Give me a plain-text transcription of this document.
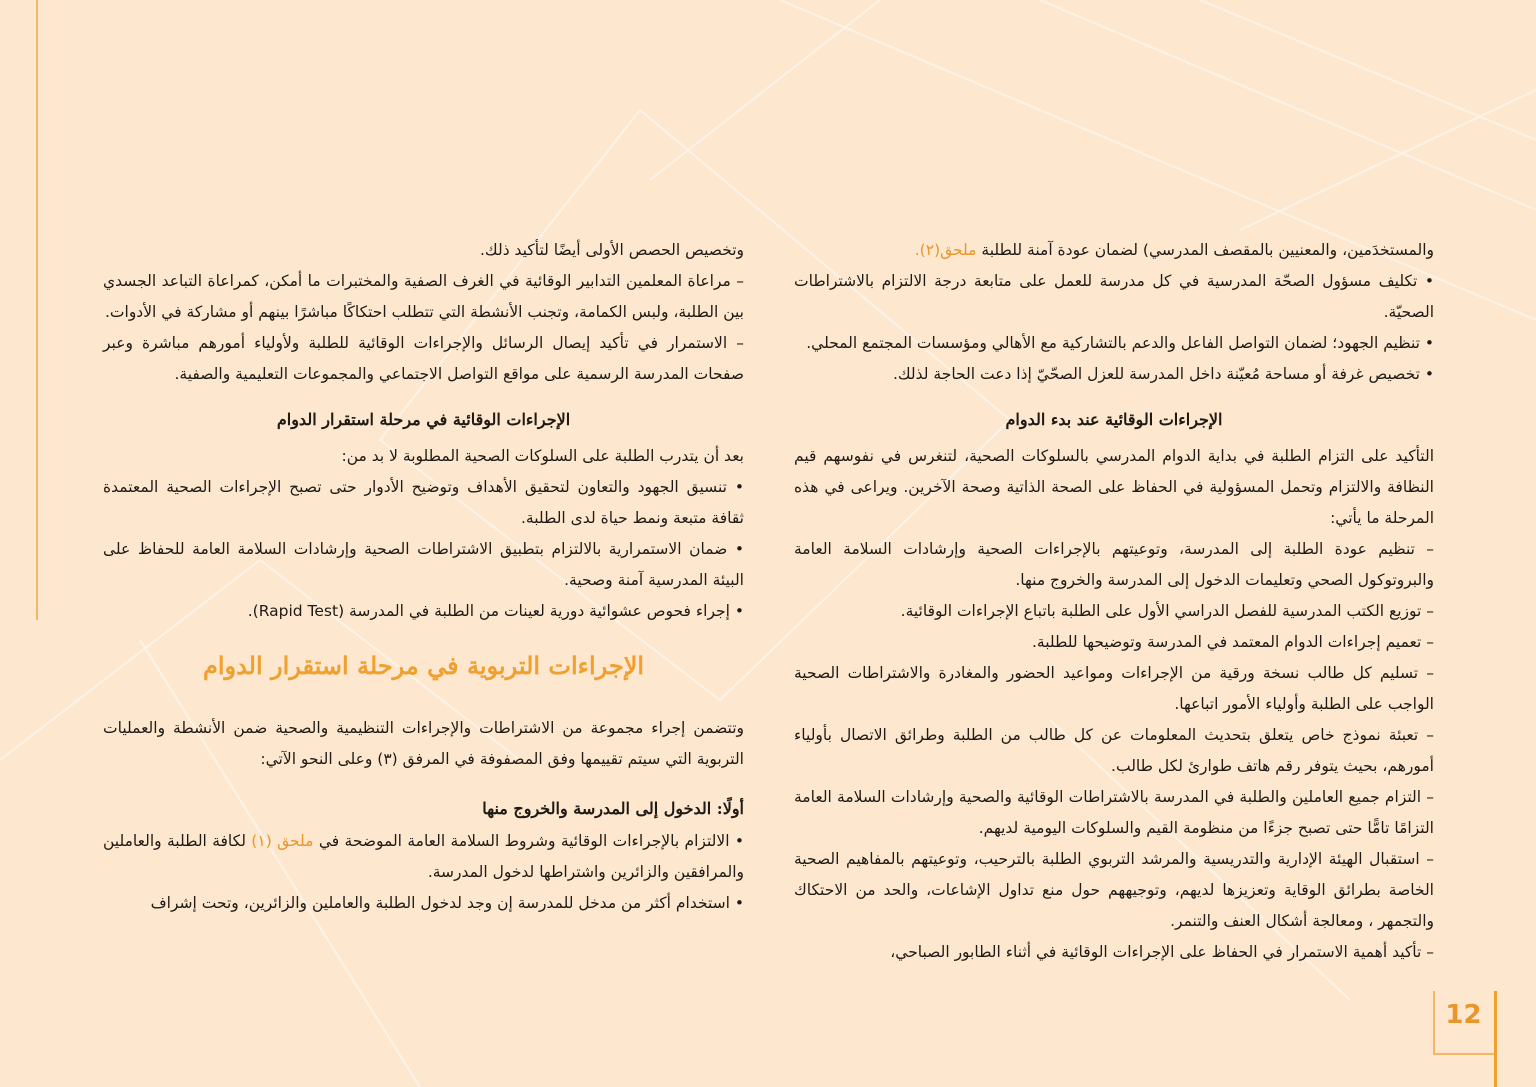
والمستخدَمين، والمعنيين بالمقصف المدرسي) لضمان عودة آمنة للطلبة ملحق(٢).

• تكليف مسؤول الصحّة المدرسية في كل مدرسة للعمل على متابعة درجة الالتزام بالاشتراطات الصحيّة.

• تنظيم الجهود؛ لضمان التواصل الفاعل والدعم بالتشاركية مع الأهالي ومؤسسات المجتمع المحلي.

• تخصيص غرفة أو مساحة مُعيّنة داخل المدرسة للعزل الصحّيّ إذا دعت الحاجة لذلك.

الإجراءات الوقائية عند بدء الدوام

التأكيد على التزام الطلبة في بداية الدوام المدرسي بالسلوكات الصحية، لتنغرس في نفوسهم قيم النظافة والالتزام وتحمل المسؤولية في الحفاظ على الصحة الذاتية وصحة الآخرين. ويراعى في هذه المرحلة ما يأتي:

– تنظيم عودة الطلبة إلى المدرسة، وتوعيتهم بالإجراءات الصحية وإرشادات السلامة العامة والبروتوكول الصحي وتعليمات الدخول إلى المدرسة والخروج منها.

– توزيع الكتب المدرسية للفصل الدراسي الأول على الطلبة باتباع الإجراءات الوقائية.

– تعميم إجراءات الدوام المعتمد في المدرسة وتوضيحها للطلبة.

– تسليم كل طالب نسخة ورقية من الإجراءات ومواعيد الحضور والمغادرة والاشتراطات الصحية الواجب على الطلبة وأولياء الأمور اتباعها.

– تعبئة نموذج خاص يتعلق بتحديث المعلومات عن كل طالب من الطلبة وطرائق الاتصال بأولياء أمورهم، بحيث يتوفر رقم هاتف طوارئ لكل طالب.

– التزام جميع العاملين والطلبة في المدرسة بالاشتراطات الوقائية والصحية وإرشادات السلامة العامة التزامًا تامًّا حتى تصبح جزءًا من منظومة القيم والسلوكات اليومية لديهم.

– استقبال الهيئة الإدارية والتدريسية والمرشد التربوي الطلبة بالترحيب، وتوعيتهم بالمفاهيم الصحية الخاصة بطرائق الوقاية وتعزيزها لديهم، وتوجيههم حول منع تداول الإشاعات، والحد من الاحتكاك والتجمهر ، ومعالجة أشكال العنف والتنمر.

– تأكيد أهمية الاستمرار في الحفاظ على الإجراءات الوقائية في أثناء الطابور الصباحي،

وتخصيص الحصص الأولى أيضًا لتأكيد ذلك.

– مراعاة المعلمين التدابير الوقائية في الغرف الصفية والمختبرات ما أمكن، كمراعاة التباعد الجسدي بين الطلبة، ولبس الكمامة، وتجنب الأنشطة التي تتطلب احتكاكًا مباشرًا بينهم أو مشاركة في الأدوات.

– الاستمرار في تأكيد إيصال الرسائل والإجراءات الوقائية للطلبة ولأولياء أمورهم مباشرة وعبر صفحات المدرسة الرسمية على مواقع التواصل الاجتماعي والمجموعات التعليمية والصفية.

الإجراءات الوقائية في مرحلة استقرار الدوام

بعد أن يتدرب الطلبة على السلوكات الصحية المطلوبة لا بد من:

• تنسيق الجهود والتعاون لتحقيق الأهداف وتوضيح الأدوار حتى تصبح الإجراءات الصحية المعتمدة ثقافة متبعة ونمط حياة لدى الطلبة.

• ضمان الاستمرارية بالالتزام بتطبيق الاشتراطات الصحية وإرشادات السلامة العامة للحفاظ على البيئة المدرسية آمنة وصحية.

• إجراء فحوص عشوائية دورية لعينات من الطلبة في المدرسة (Rapid Test).

الإجراءات التربوية في مرحلة استقرار الدوام

وتتضمن إجراء مجموعة من الاشتراطات والإجراءات التنظيمية والصحية ضمن الأنشطة والعمليات التربوية التي سيتم تقييمها وفق المصفوفة في المرفق (٣) وعلى النحو الآتي:

أولًا: الدخول إلى المدرسة والخروج منها

• الالتزام بالإجراءات الوقائية وشروط السلامة العامة الموضحة في ملحق (١) لكافة الطلبة والعاملين والمرافقين والزائرين واشتراطها لدخول المدرسة.

• استخدام أكثر من مدخل للمدرسة إن وجد لدخول الطلبة والعاملين والزائرين، وتحت إشراف

12
